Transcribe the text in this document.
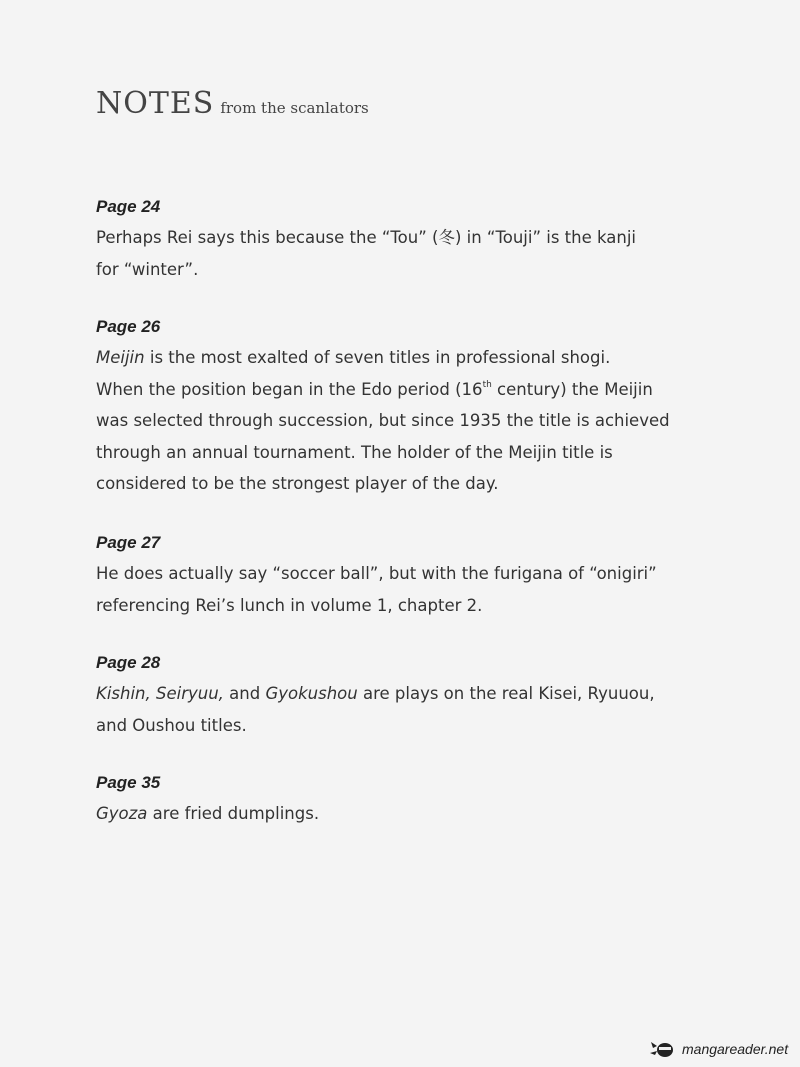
NOTES from the scanlators

Page 24

Perhaps Rei says this because the “Tou” (冬) in “Touji” is the kanji
for “winter”.

Page 26

Meijin is the most exalted of seven titles in professional shogi.
When the position began in the Edo period (16th century) the Meijin
was selected through succession, but since 1935 the title is achieved
through an annual tournament. The holder of the Meijin title is
considered to be the strongest player of the day.

Page 27

He does actually say “soccer ball”, but with the furigana of “onigiri”
referencing Rei’s lunch in volume 1, chapter 2.

Page 28

Kishin, Seiryuu, and Gyokushou are plays on the real Kisei, Ryuuou,
and Oushou titles.

Page 35

Gyoza are fried dumplings.

mangareader.net
